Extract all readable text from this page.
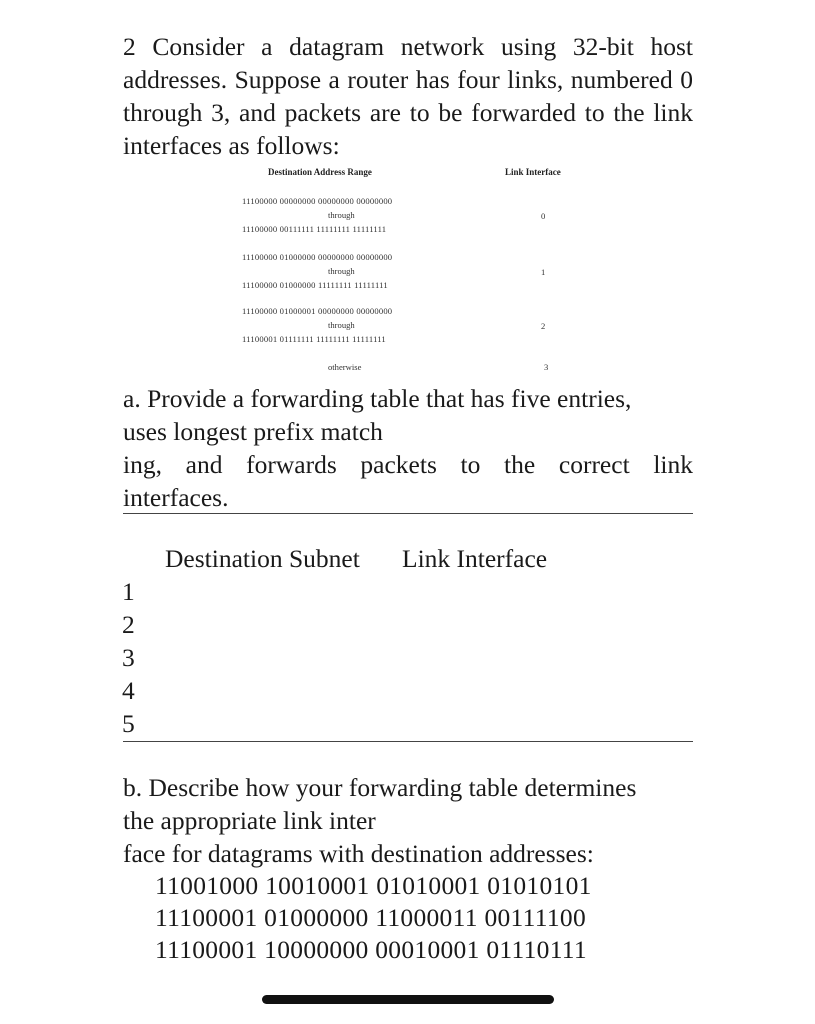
2 Consider a datagram network using 32-bit host addresses. Suppose a router has four links, numbered 0 through 3, and packets are to be forwarded to the link interfaces as follows:

Destination Address Range	Link Interface
11100000 00000000 00000000 00000000
through
11100000 00111111 11111111 11111111
0
11100000 01000000 00000000 00000000
through
11100000 01000000 11111111 11111111
1
11100000 01000001 00000000 00000000
through
11100001 01111111 11111111 11111111
2
otherwise	3

a. Provide a forwarding table that has five entries,

uses longest prefix match

ing, and forwards packets to the correct link

interfaces.

Destination Subnet Link Interface
1
2
3
4
5

b. Describe how your forwarding table determines

the appropriate link inter

face for datagrams with destination addresses:

11001000 10010001 01010001 01010101
11100001 01000000 11000011 00111100
11100001 10000000 00010001 01110111
